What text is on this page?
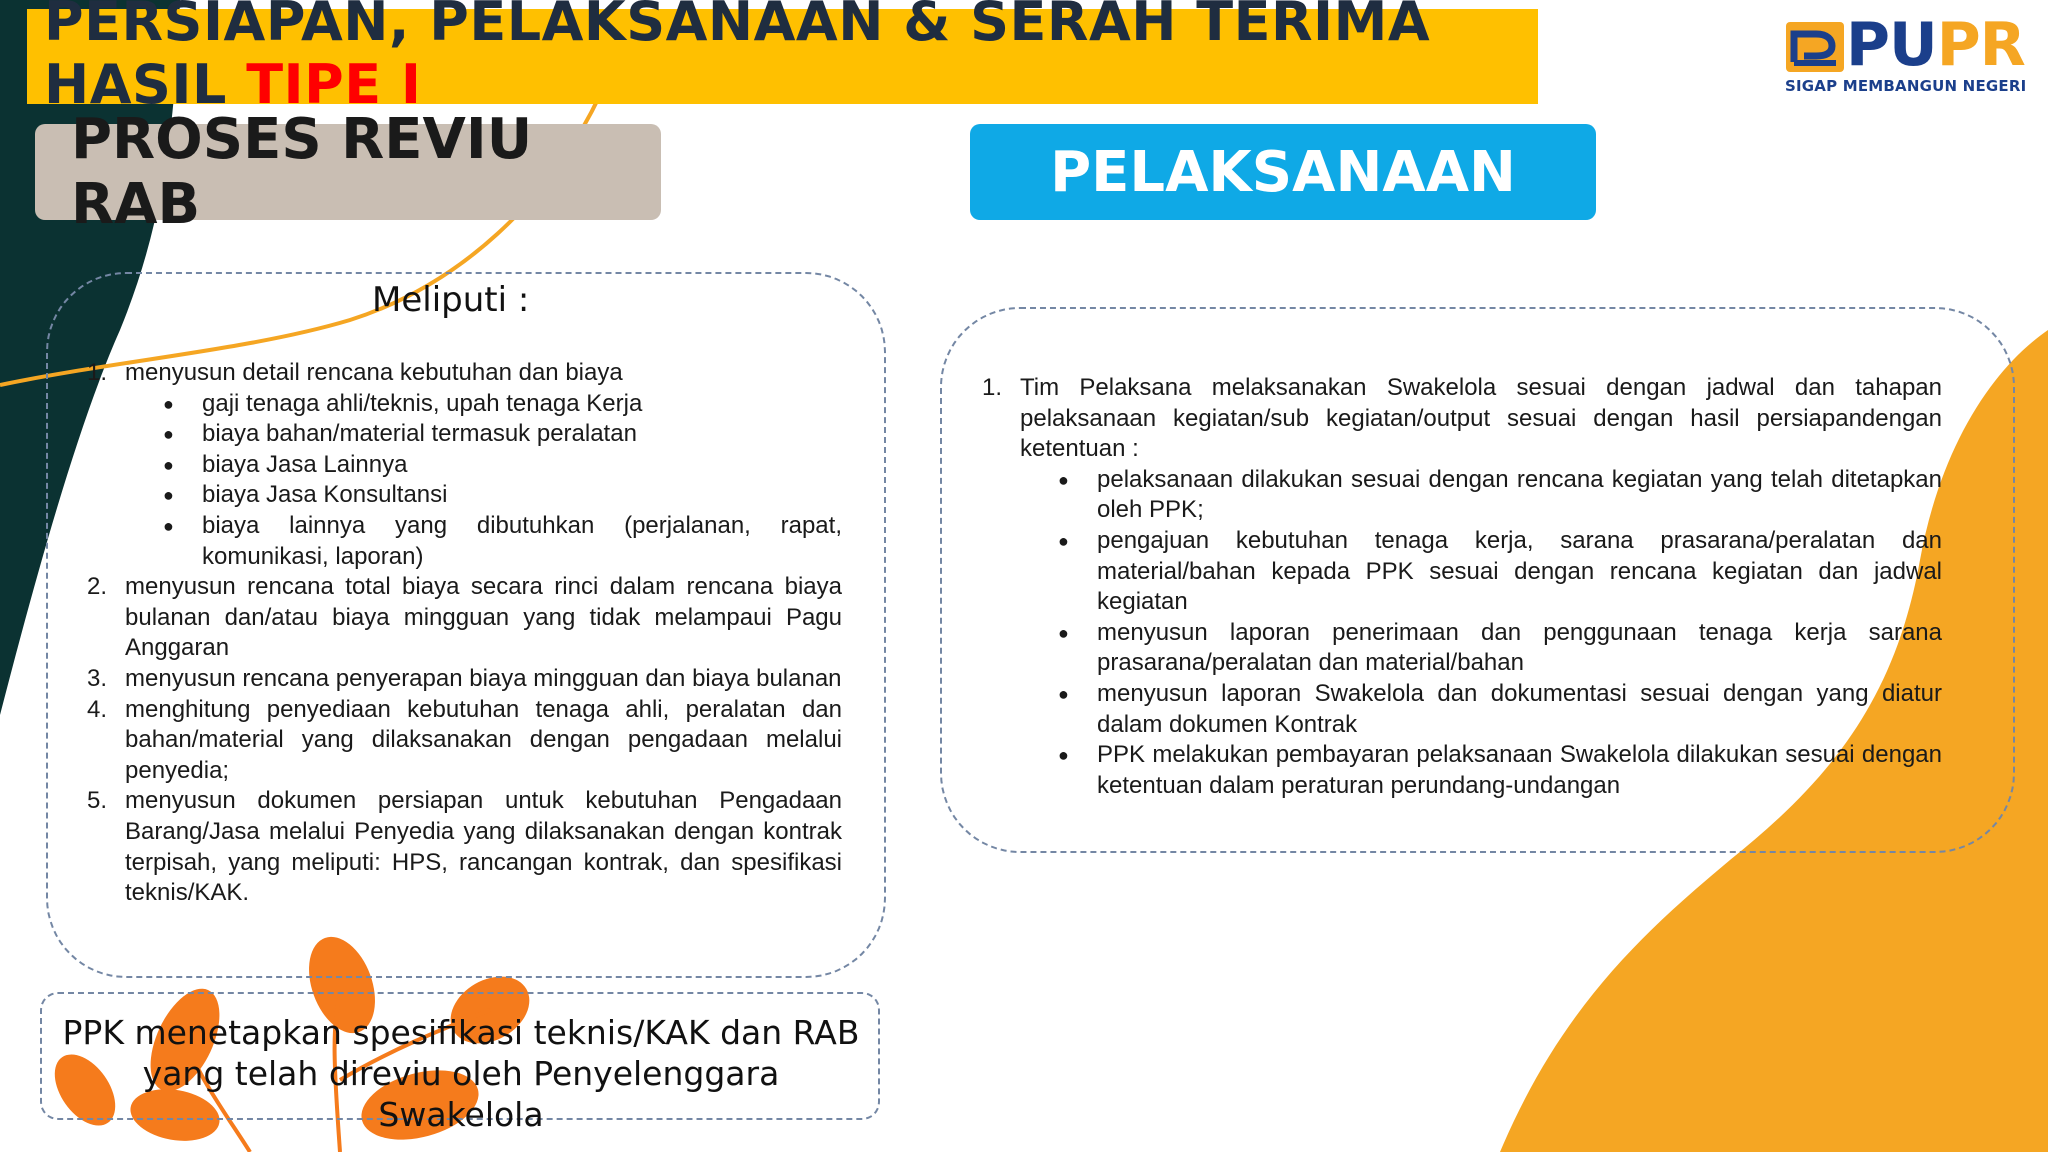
PERSIAPAN, PELAKSANAAN & SERAH TERIMA
HASIL TIPE I
PUPR
SIGAP MEMBANGUN NEGERI
PROSES REVIU RAB	PELAKSANAAN

Meliputi :

1. menyusun detail rencana kebutuhan dan biaya
● gaji tenaga ahli/teknis, upah tenaga Kerja
● biaya bahan/material termasuk peralatan
● biaya Jasa Lainnya
● biaya Jasa Konsultansi
● biaya lainnya yang dibutuhkan (perjalanan, rapat, komunikasi, laporan)
2. menyusun rencana total biaya secara rinci dalam rencana biaya bulanan dan/atau biaya mingguan yang tidak melampaui Pagu Anggaran
3. menyusun rencana penyerapan biaya mingguan dan biaya bulanan
4. menghitung penyediaan kebutuhan tenaga ahli, peralatan dan bahan/material yang dilaksanakan dengan pengadaan melalui penyedia;
5. menyusun dokumen persiapan untuk kebutuhan Pengadaan Barang/Jasa melalui Penyedia yang dilaksanakan dengan kontrak terpisah, yang meliputi: HPS, rancangan kontrak, dan spesifikasi teknis/KAK.
1. Tim Pelaksana melaksanakan Swakelola sesuai dengan jadwal dan tahapan pelaksanaan kegiatan/sub kegiatan/output sesuai dengan hasil persiapandengan ketentuan :
● pelaksanaan dilakukan sesuai dengan rencana kegiatan yang telah ditetapkan oleh PPK;
● pengajuan kebutuhan tenaga kerja, sarana prasarana/peralatan dan material/bahan kepada PPK sesuai dengan rencana kegiatan dan jadwal kegiatan
● menyusun laporan penerimaan dan penggunaan tenaga kerja sarana prasarana/peralatan dan material/bahan
● menyusun laporan Swakelola dan dokumentasi sesuai dengan yang diatur dalam dokumen Kontrak
● PPK melakukan pembayaran pelaksanaan Swakelola dilakukan sesuai dengan ketentuan dalam peraturan perundang-undangan
PPK menetapkan spesifikasi teknis/KAK dan RAB yang telah direviu oleh Penyelenggara Swakelola
